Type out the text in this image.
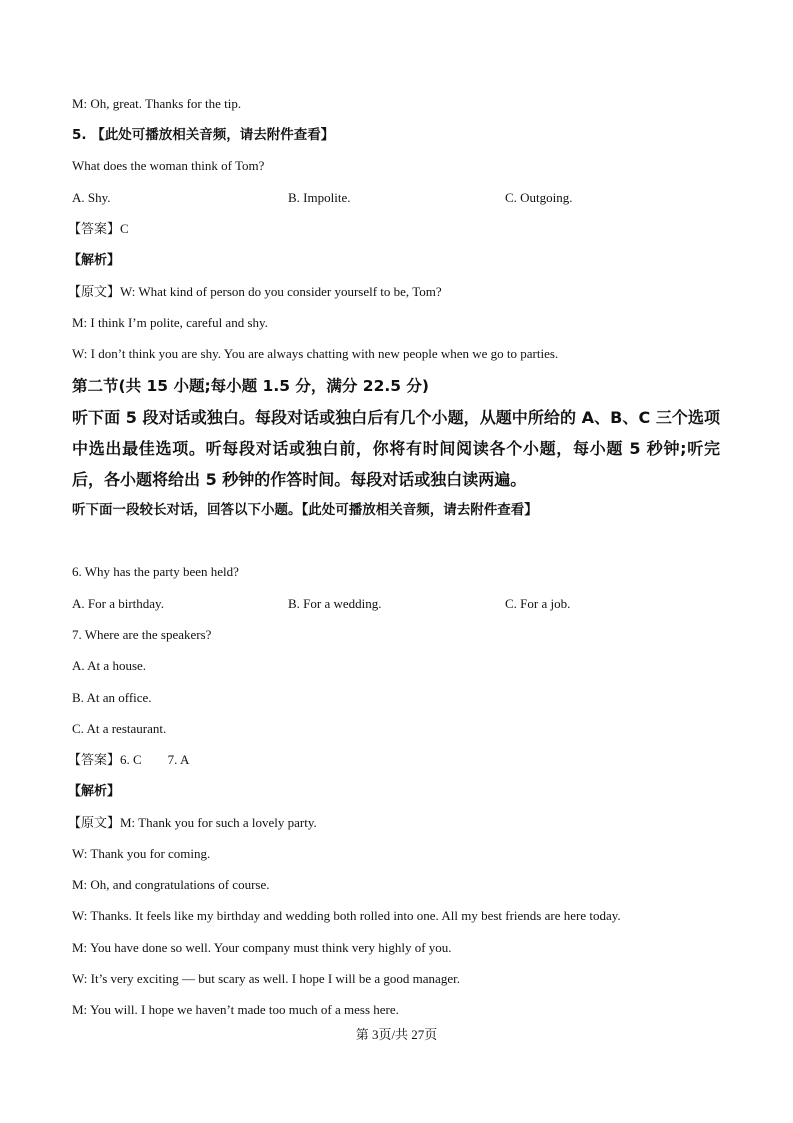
M: Oh, great. Thanks for the tip.
5. 【此处可播放相关音频，请去附件查看】
What does the woman think of Tom?
A. Shy.	B. Impolite.	C. Outgoing.
【答案】C
【解析】
【原文】W: What kind of person do you consider yourself to be, Tom?
M: I think I’m polite, careful and shy.
W: I don’t think you are shy. You are always chatting with new people when we go to parties.
第二节(共 15 小题;每小题 1.5 分，满分 22.5 分)
听下面 5 段对话或独白。每段对话或独白后有几个小题，从题中所给的 A、B、C 三个选项中选出最佳选项。听每段对话或独白前，你将有时间阅读各个小题，每小题 5 秒钟;听完后，各小题将给出 5 秒钟的作答时间。每段对话或独白读两遍。
听下面一段较长对话，回答以下小题。【此处可播放相关音频，请去附件查看】
6. Why has the party been held?
A. For a birthday.	B. For a wedding.	C. For a job.
7. Where are the speakers?
A. At a house.
B. At an office.
C. At a restaurant.
【答案】6. C 7. A
【解析】
【原文】M: Thank you for such a lovely party.
W: Thank you for coming.
M: Oh, and congratulations of course.
W: Thanks. It feels like my birthday and wedding both rolled into one. All my best friends are here today.
M: You have done so well. Your company must think very highly of you.
W: It’s very exciting — but scary as well. I hope I will be a good manager.
M: You will. I hope we haven’t made too much of a mess here.
第 3页/共 27页
